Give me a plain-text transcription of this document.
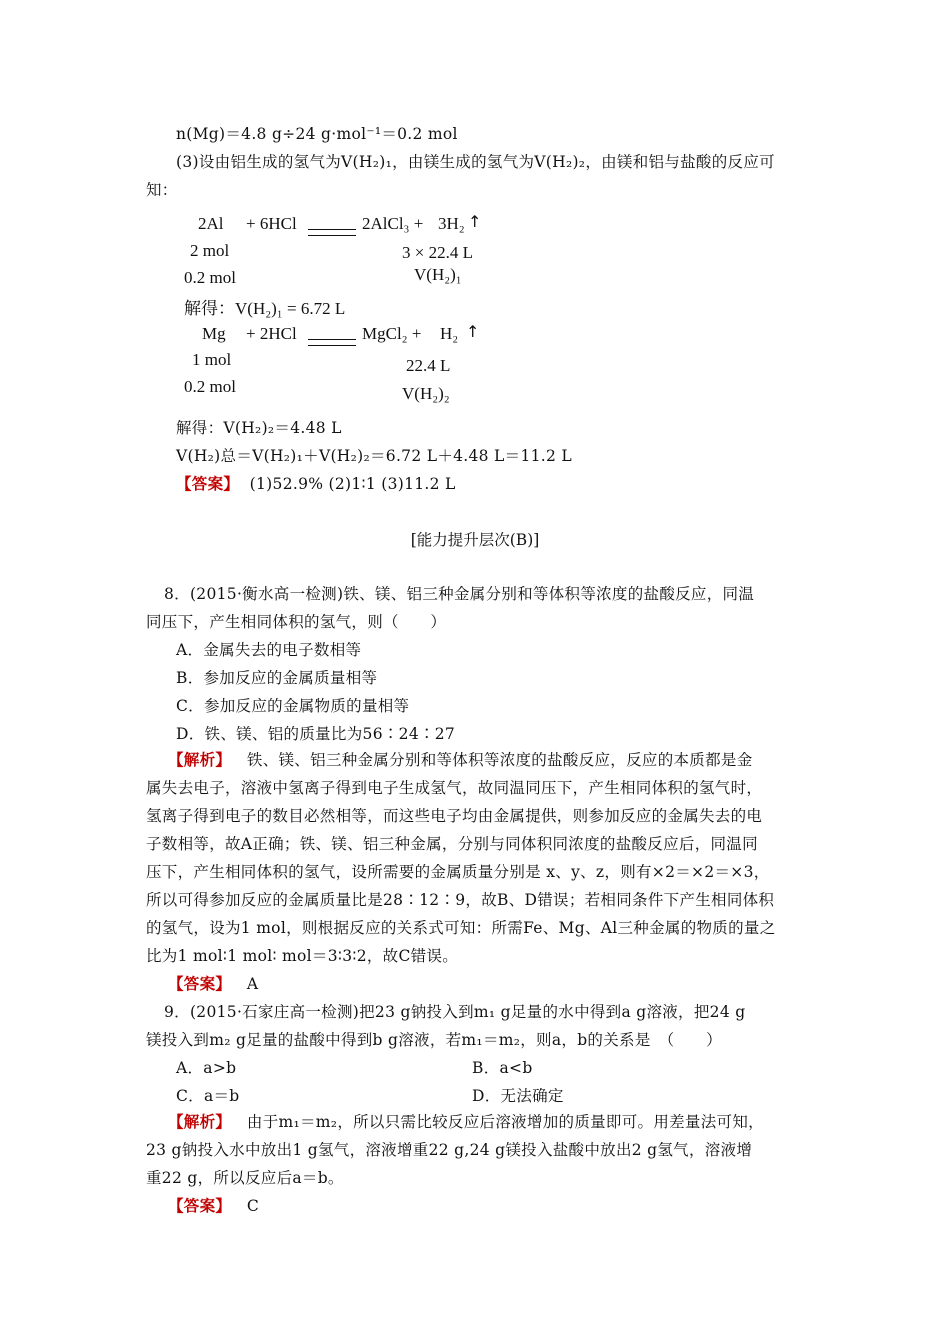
n(Mg)＝4.8 g÷24 g·mol⁻¹＝0.2 mol
(3)设由铝生成的氢气为V(H₂)₁，由镁生成的氢气为V(H₂)₂，由镁和铝与盐酸的反应可
知：
2Al + 6HCl	2AlCl₃ + 3H₂ ↑
2 mol	3 × 22.4 L
0.2 mol	V(H₂)₁
解得：V(H₂)₁ = 6.72 L
Mg + 2HCl	MgCl₂ + H₂ ↑
1 mol	22.4 L
0.2 mol	V(H₂)₂
解得：V(H₂)₂＝4.48 L
V(H₂)总＝V(H₂)₁＋V(H₂)₂＝6.72 L＋4.48 L＝11.2 L
【答案】 (1)52.9% (2)1∶1 (3)11.2 L
[能力提升层次(B)]
8．(2015·衡水高一检测)铁、镁、铝三种金属分别和等体积等浓度的盐酸反应，同温
同压下，产生相同体积的氢气，则（　　）
A．金属失去的电子数相等
B．参加反应的金属质量相等
C．参加反应的金属物质的量相等
D．铁、镁、铝的质量比为56∶24∶27
【解析】 铁、镁、铝三种金属分别和等体积等浓度的盐酸反应，反应的本质都是金
属失去电子，溶液中氢离子得到电子生成氢气，故同温同压下，产生相同体积的氢气时，
氢离子得到电子的数目必然相等，而这些电子均由金属提供，则参加反应的金属失去的电
子数相等，故A正确；铁、镁、铝三种金属，分别与同体积同浓度的盐酸反应后，同温同
压下，产生相同体积的氢气，设所需要的金属质量分别是 x、y、z，则有×2＝×2＝×3，
所以可得参加反应的金属质量比是28∶12∶9，故B、D错误；若相同条件下产生相同体积
的氢气，设为1 mol，则根据反应的关系式可知：所需Fe、Mg、Al三种金属的物质的量之
比为1 mol∶1 mol∶ mol＝3∶3∶2，故C错误。
【答案】 A
9．(2015·石家庄高一检测)把23 g钠投入到m₁ g足量的水中得到a g溶液，把24 g
镁投入到m₂ g足量的盐酸中得到b g溶液，若m₁＝m₂，则a，b的关系是　（　　）
A．a>b	B．a<b
C．a＝b	D．无法确定
【解析】 由于m₁＝m₂，所以只需比较反应后溶液增加的质量即可。用差量法可知，
23 g钠投入水中放出1 g氢气，溶液增重22 g,24 g镁投入盐酸中放出2 g氢气，溶液增
重22 g，所以反应后a＝b。
【答案】 C
